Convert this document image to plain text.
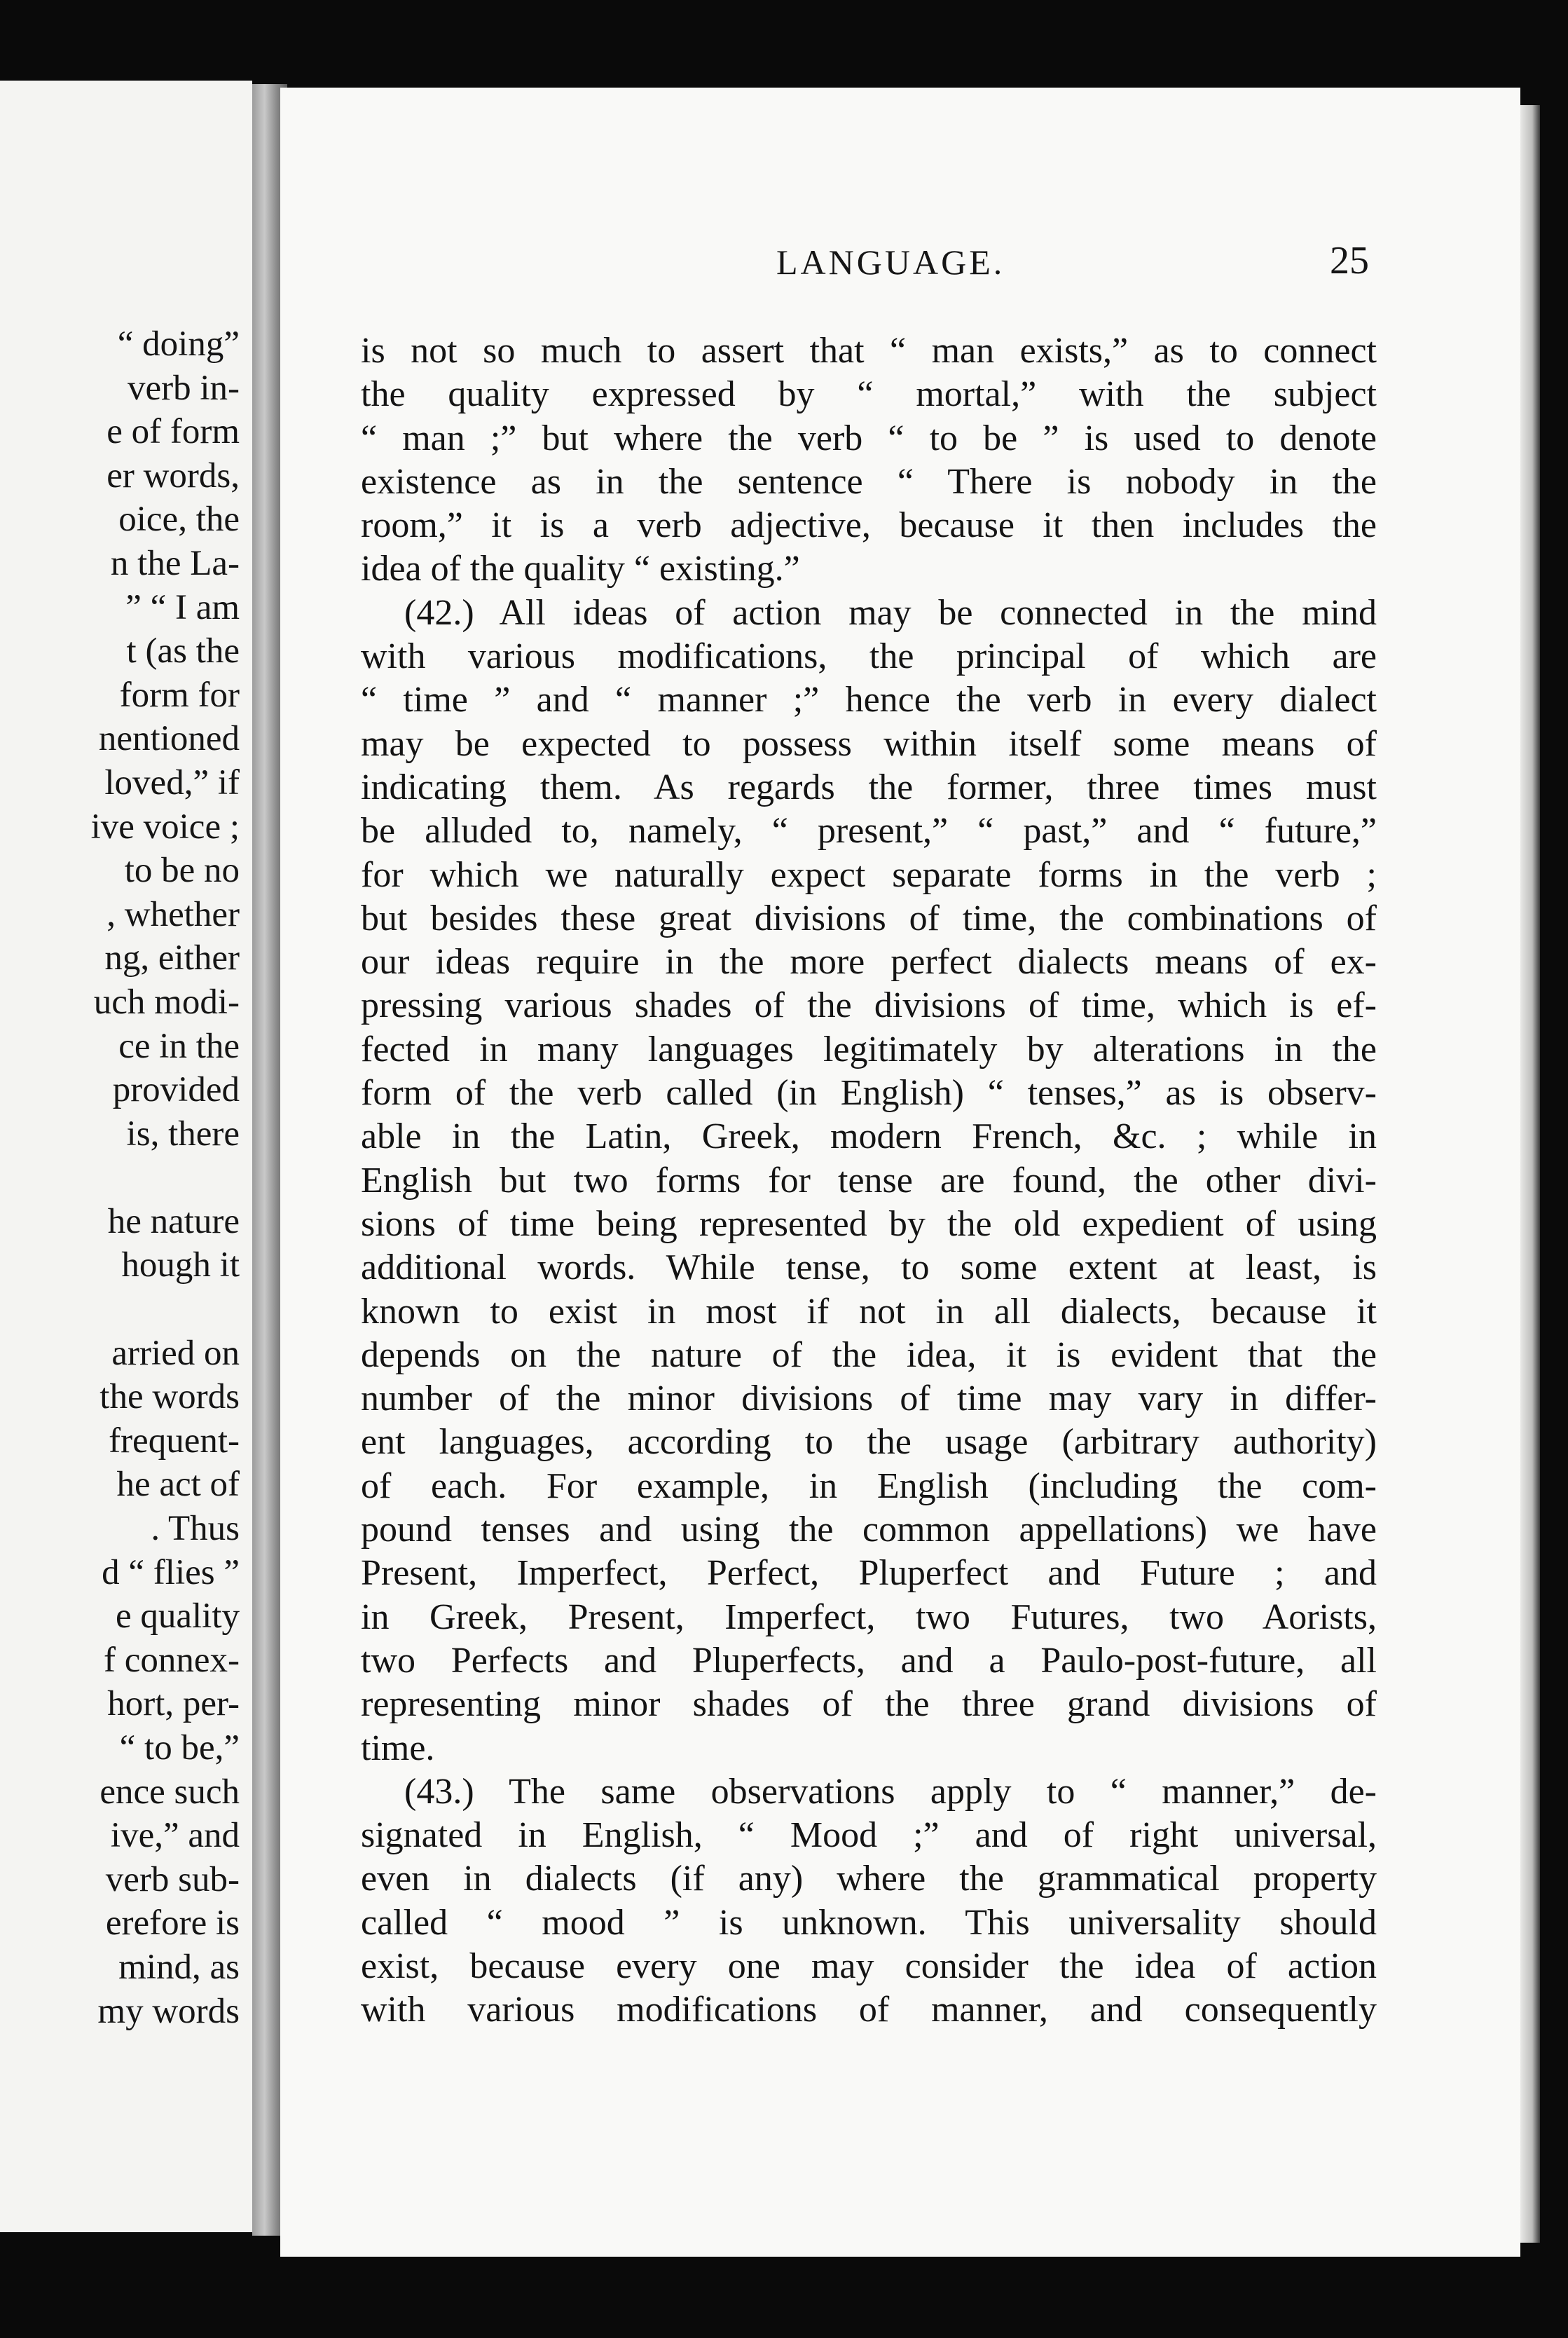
“ doing”
verb in-
e of form
er words,
oice, the
n the La-
” “ I am
t (as the
form for
nentioned
loved,” if
ive voice ;
to be no
, whether
ng, either
uch modi-
ce in the
provided
is, there
he nature
hough it
arried on
the words
frequent-
he act of
. Thus
d “ flies ”
e quality
f connex-
hort, per-
“ to be,”
ence such
ive,” and
verb sub-
erefore is
mind, as
my words
LANGUAGE.	25
is not so much to assert that “ man exists,” as to connect
the quality expressed by “ mortal,” with the subject
“ man ;” but where the verb “ to be ” is used to denote
existence as in the sentence “ There is nobody in the
room,” it is a verb adjective, because it then includes the
idea of the quality “ existing.”
(42.) All ideas of action may be connected in the mind
with various modifications, the principal of which are
“ time ” and “ manner ;” hence the verb in every dialect
may be expected to possess within itself some means of
indicating them. As regards the former, three times must
be alluded to, namely, “ present,” “ past,” and “ future,”
for which we naturally expect separate forms in the verb ;
but besides these great divisions of time, the combinations of
our ideas require in the more perfect dialects means of ex-
pressing various shades of the divisions of time, which is ef-
fected in many languages legitimately by alterations in the
form of the verb called (in English) “ tenses,” as is observ-
able in the Latin, Greek, modern French, &c. ; while in
English but two forms for tense are found, the other divi-
sions of time being represented by the old expedient of using
additional words. While tense, to some extent at least, is
known to exist in most if not in all dialects, because it
depends on the nature of the idea, it is evident that the
number of the minor divisions of time may vary in differ-
ent languages, according to the usage (arbitrary authority)
of each. For example, in English (including the com-
pound tenses and using the common appellations) we have
Present, Imperfect, Perfect, Pluperfect and Future ; and
in Greek, Present, Imperfect, two Futures, two Aorists,
two Perfects and Pluperfects, and a Paulo-post-future, all
representing minor shades of the three grand divisions of
time.
(43.) The same observations apply to “ manner,” de-
signated in English, “ Mood ;” and of right universal,
even in dialects (if any) where the grammatical property
called “ mood ” is unknown. This universality should
exist, because every one may consider the idea of action
with various modifications of manner, and consequently
